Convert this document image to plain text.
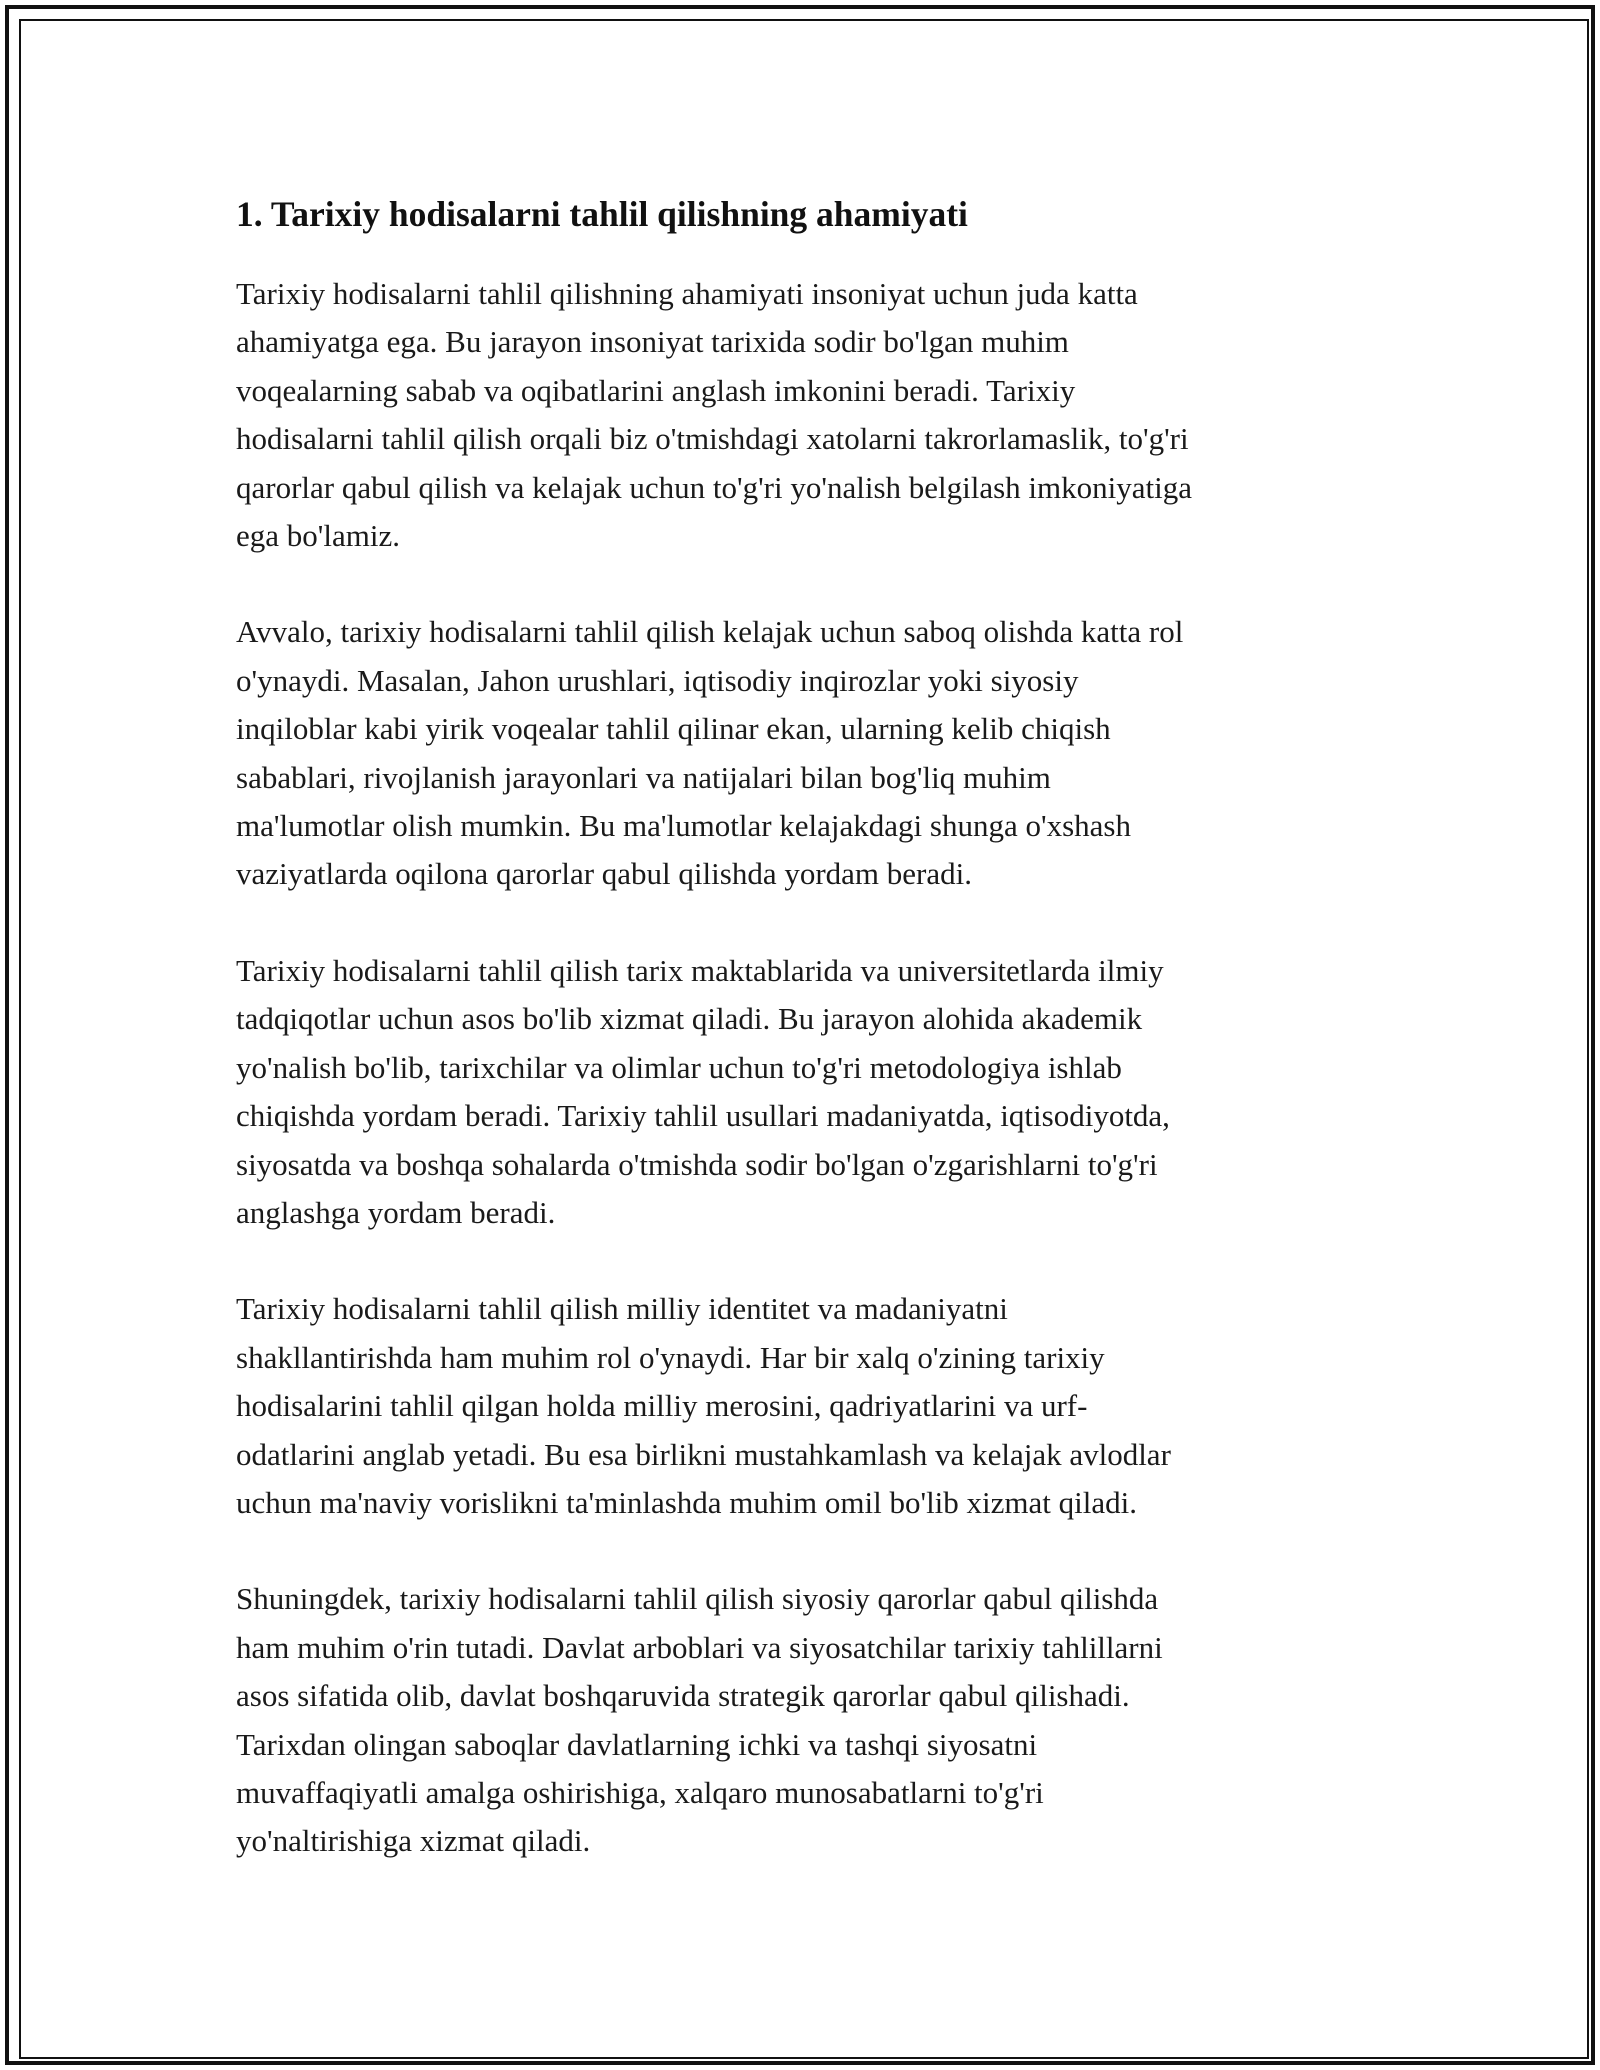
1. Tarixiy hodisalarni tahlil qilishning ahamiyati

Tarixiy hodisalarni tahlil qilishning ahamiyati insoniyat uchun juda katta
ahamiyatga ega. Bu jarayon insoniyat tarixida sodir bo'lgan muhim
voqealarning sabab va oqibatlarini anglash imkonini beradi. Tarixiy
hodisalarni tahlil qilish orqali biz o'tmishdagi xatolarni takrorlamaslik, to'g'ri
qarorlar qabul qilish va kelajak uchun to'g'ri yo'nalish belgilash imkoniyatiga
ega bo'lamiz.

Avvalo, tarixiy hodisalarni tahlil qilish kelajak uchun saboq olishda katta rol
o'ynaydi. Masalan, Jahon urushlari, iqtisodiy inqirozlar yoki siyosiy
inqiloblar kabi yirik voqealar tahlil qilinar ekan, ularning kelib chiqish
sabablari, rivojlanish jarayonlari va natijalari bilan bog'liq muhim
ma'lumotlar olish mumkin. Bu ma'lumotlar kelajakdagi shunga o'xshash
vaziyatlarda oqilona qarorlar qabul qilishda yordam beradi.

Tarixiy hodisalarni tahlil qilish tarix maktablarida va universitetlarda ilmiy
tadqiqotlar uchun asos bo'lib xizmat qiladi. Bu jarayon alohida akademik
yo'nalish bo'lib, tarixchilar va olimlar uchun to'g'ri metodologiya ishlab
chiqishda yordam beradi. Tarixiy tahlil usullari madaniyatda, iqtisodiyotda,
siyosatda va boshqa sohalarda o'tmishda sodir bo'lgan o'zgarishlarni to'g'ri
anglashga yordam beradi.

Tarixiy hodisalarni tahlil qilish milliy identitet va madaniyatni
shakllantirishda ham muhim rol o'ynaydi. Har bir xalq o'zining tarixiy
hodisalarini tahlil qilgan holda milliy merosini, qadriyatlarini va urf-
odatlarini anglab yetadi. Bu esa birlikni mustahkamlash va kelajak avlodlar
uchun ma'naviy vorislikni ta'minlashda muhim omil bo'lib xizmat qiladi.

Shuningdek, tarixiy hodisalarni tahlil qilish siyosiy qarorlar qabul qilishda
ham muhim o'rin tutadi. Davlat arboblari va siyosatchilar tarixiy tahlillarni
asos sifatida olib, davlat boshqaruvida strategik qarorlar qabul qilishadi.
Tarixdan olingan saboqlar davlatlarning ichki va tashqi siyosatni
muvaffaqiyatli amalga oshirishiga, xalqaro munosabatlarni to'g'ri
yo'naltirishiga xizmat qiladi.
